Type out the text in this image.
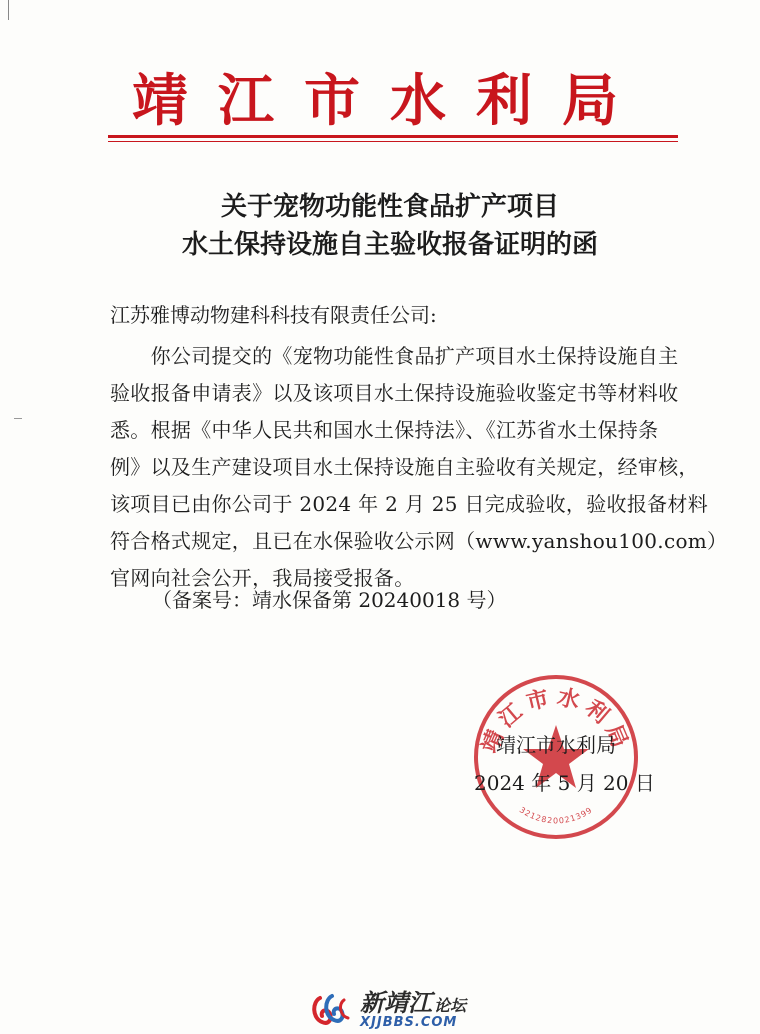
靖江市水利局
关于宠物功能性食品扩产项目
水土保持设施自主验收报备证明的函
江苏雅博动物建科科技有限责任公司:
　　你公司提交的《宠物功能性食品扩产项目水土保持设施自主
验收报备申请表》以及该项目水土保持设施验收鉴定书等材料收
悉。根据《中华人民共和国水土保持法》、《江苏省水土保持条
例》以及生产建设项目水土保持设施自主验收有关规定，经审核，
该项目已由你公司于 2024 年 2 月 25 日完成验收，验收报备材料
符合格式规定，且已在水保验收公示网（www.yanshou100.com）
官网向社会公开，我局接受报备。
（备案号：靖水保备第 20240018 号）
靖江市水利局
3212820021399
靖江市水利局
2024 年 5 月 20 日
新靖江 论坛
XJJBBS.COM
